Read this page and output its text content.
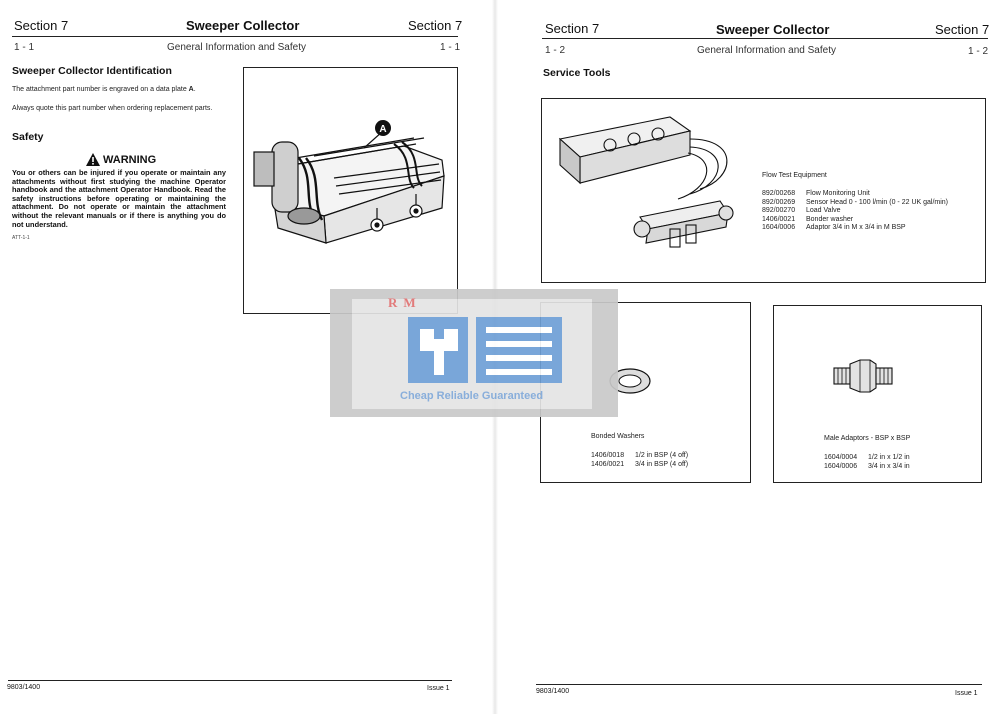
Section 7	Sweeper Collector	Section 7
1 - 1	General Information and Safety	1 - 1
Sweeper Collector Identification
The attachment part number is engraved on a data plate A.
Always quote this part number when ordering replacement parts.
Safety
WARNING
You or others can be injured if you operate or maintain any attachments without first studying the machine Operator handbook and the attachment Operator Handbook. Read the safety instructions before operating or maintaining the attachment. Do not operate or maintain the attachment without the relevant manuals or if there is anything you do not understand.
ATT-1-1
A
9803/1400	Issue 1
Section 7	Sweeper Collector	Section 7
1 - 2	General Information and Safety	1 - 2
Service Tools
Flow Test Equipment
892/00268 Flow Monitoring Unit
892/00269 Sensor Head 0 - 100 l/min (0 - 22 UK gal/min)
892/00270 Load Valve
1406/0021 Bonder washer
1604/0006 Adaptor 3/4 in M x 3/4 in M BSP
Bonded Washers
1406/0018 1/2 in BSP (4 off)
1406/0021 3/4 in BSP (4 off)
Male Adaptors - BSP x BSP
1604/0004 1/2 in x 1/2 in
1604/0006 3/4 in x 3/4 in
9803/1400	Issue 1
RM
Cheap Reliable Guaranteed
